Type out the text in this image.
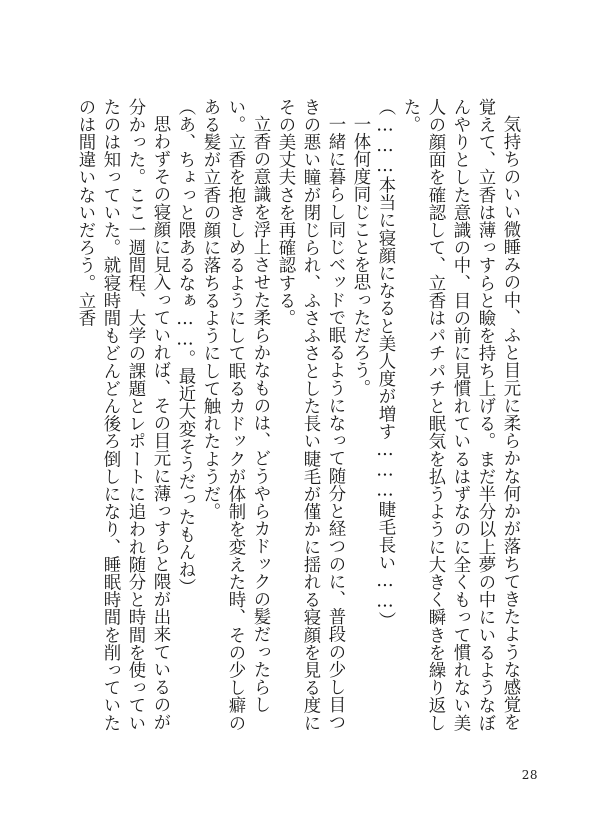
気持ちのいい微睡みの中、ふと目元に柔らかな何かが落ちてきたような感覚を覚えて、立香は薄っすらと瞼を持ち上げる。まだ半分以上夢の中にいるようなぼんやりとした意識の中、目の前に見慣れているはずなのに全くもって慣れない美人の顔面を確認して、立香はパチパチと眠気を払うように大きく瞬きを繰り返した。

（………本当に寝顔になると美人度が増す………睫毛長い……）

一体何度同じことを思っただろう。

一緒に暮らし同じベッドで眠るようになって随分と経つのに、普段の少し目つきの悪い瞳が閉じられ、ふさふさとした長い睫毛が僅かに揺れる寝顔を見る度にその美丈夫さを再確認する。

立香の意識を浮上させた柔らかなものは、どうやらカドックの髪だったらしい。立香を抱きしめるようにして眠るカドックが体制を変えた時、その少し癖のある髪が立香の顔に落ちるようにして触れたようだ。

（あ、ちょっと隈あるなぁ……。最近大変そうだったもんね）

思わずその寝顔に見入っていれば、その目元に薄っすらと隈が出来ているのが分かった。ここ一週間程、大学の課題とレポートに追われ随分と時間を使っていたのは知っていた。就寝時間もどんどん後ろ倒しになり、睡眠時間を削っていたのは間違いないだろう。立香

28
